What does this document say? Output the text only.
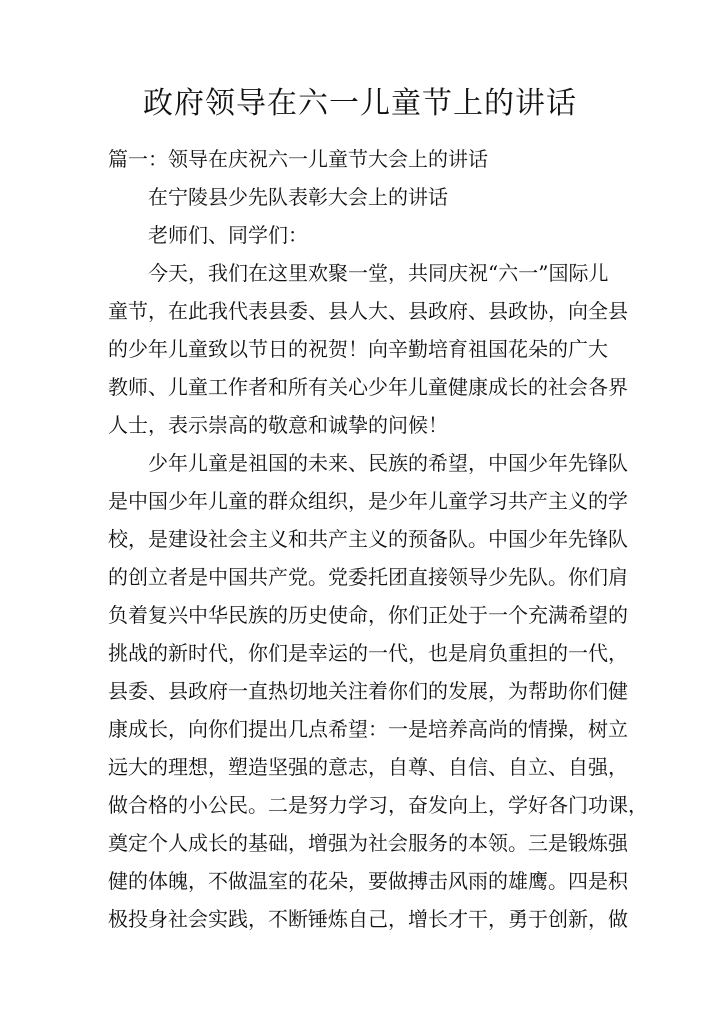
政府领导在六一儿童节上的讲话

篇一：领导在庆祝六一儿童节大会上的讲话

在宁陵县少先队表彰大会上的讲话

老师们、同学们：

今天，我们在这里欢聚一堂，共同庆祝“六一”国际儿

童节，在此我代表县委、县人大、县政府、县政协，向全县

的少年儿童致以节日的祝贺！向辛勤培育祖国花朵的广大

教师、儿童工作者和所有关心少年儿童健康成长的社会各界

人士，表示崇高的敬意和诚挚的问候！

少年儿童是祖国的未来、民族的希望，中国少年先锋队

是中国少年儿童的群众组织，是少年儿童学习共产主义的学

校，是建设社会主义和共产主义的预备队。中国少年先锋队

的创立者是中国共产党。党委托团直接领导少先队。你们肩

负着复兴中华民族的历史使命，你们正处于一个充满希望的

挑战的新时代，你们是幸运的一代，也是肩负重担的一代，

县委、县政府一直热切地关注着你们的发展，为帮助你们健

康成长，向你们提出几点希望：一是培养高尚的情操，树立

远大的理想，塑造坚强的意志，自尊、自信、自立、自强，

做合格的小公民。二是努力学习，奋发向上，学好各门功课，

奠定个人成长的基础，增强为社会服务的本领。三是锻炼强

健的体魄，不做温室的花朵，要做搏击风雨的雄鹰。四是积

极投身社会实践，不断锤炼自己，增长才干，勇于创新，做
